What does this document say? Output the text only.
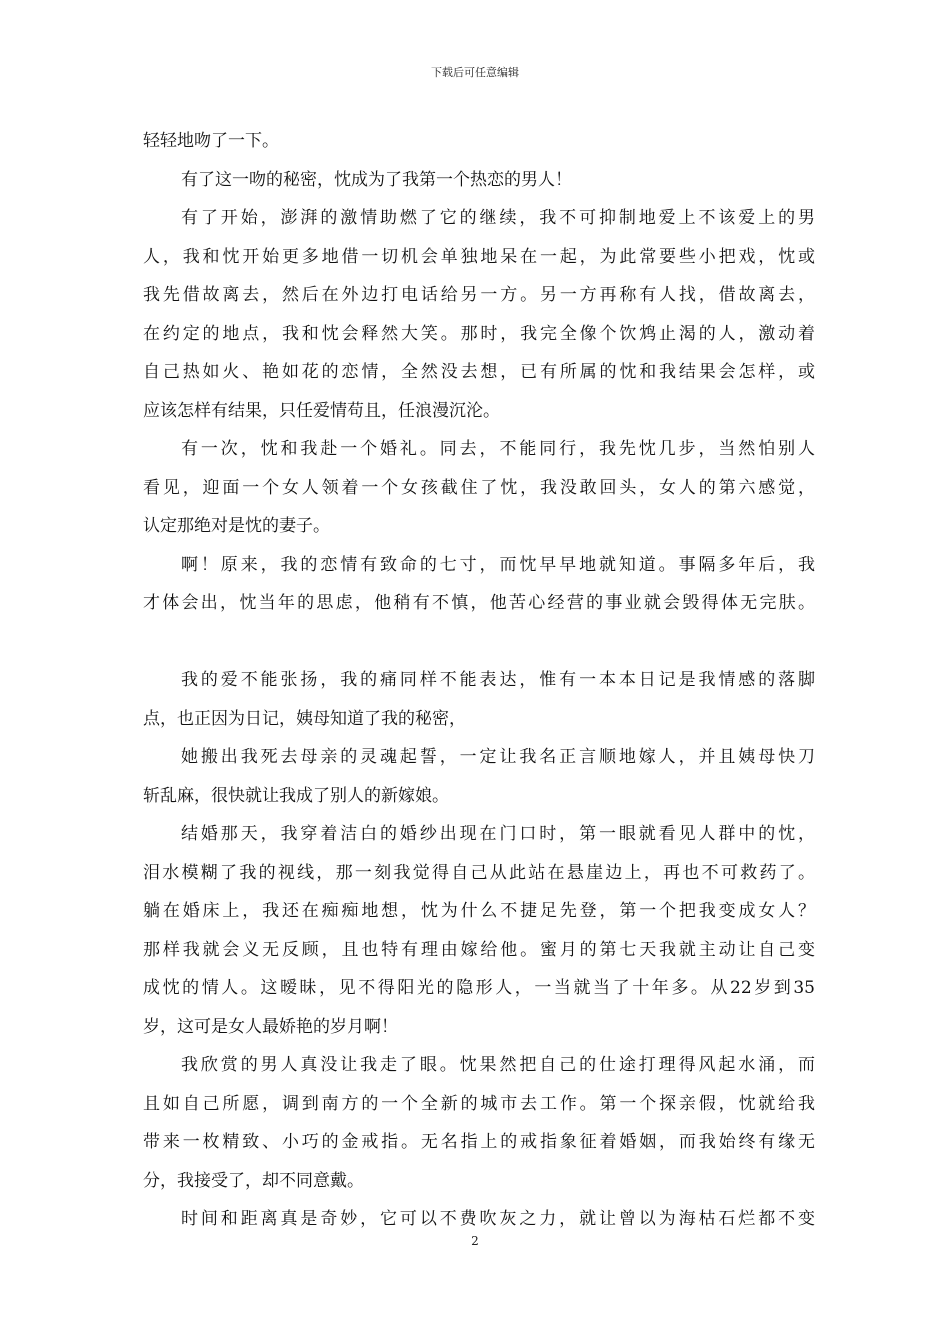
下载后可任意编辑
轻轻地吻了一下。
有了这一吻的秘密，忱成为了我第一个热恋的男人！
有了开始，澎湃的激情助燃了它的继续，我不可抑制地爱上不该爱上的男
人，我和忱开始更多地借一切机会单独地呆在一起，为此常要些小把戏，忱或
我先借故离去，然后在外边打电话给另一方。另一方再称有人找，借故离去，
在约定的地点，我和忱会释然大笑。那时，我完全像个饮鸩止渴的人，激动着
自己热如火、艳如花的恋情，全然没去想，已有所属的忱和我结果会怎样，或
应该怎样有结果，只任爱情苟且，任浪漫沉沦。
有一次，忱和我赴一个婚礼。同去，不能同行，我先忱几步，当然怕别人
看见，迎面一个女人领着一个女孩截住了忱，我没敢回头，女人的第六感觉，
认定那绝对是忱的妻子。
啊！原来，我的恋情有致命的七寸，而忱早早地就知道。事隔多年后，我
才体会出，忱当年的思虑，他稍有不慎，他苦心经营的事业就会毁得体无完肤。
我的爱不能张扬，我的痛同样不能表达，惟有一本本日记是我情感的落脚
点，也正因为日记，姨母知道了我的秘密，
她搬出我死去母亲的灵魂起誓，一定让我名正言顺地嫁人，并且姨母快刀
斩乱麻，很快就让我成了别人的新嫁娘。
结婚那天，我穿着洁白的婚纱出现在门口时，第一眼就看见人群中的忱，
泪水模糊了我的视线，那一刻我觉得自己从此站在悬崖边上，再也不可救药了。
躺在婚床上，我还在痴痴地想，忱为什么不捷足先登，第一个把我变成女人？
那样我就会义无反顾，且也特有理由嫁给他。蜜月的第七天我就主动让自己变
成忱的情人。这暧昧，见不得阳光的隐形人，一当就当了十年多。从22岁到35
岁，这可是女人最娇艳的岁月啊！
我欣赏的男人真没让我走了眼。忱果然把自己的仕途打理得风起水涌，而
且如自己所愿，调到南方的一个全新的城市去工作。第一个探亲假，忱就给我
带来一枚精致、小巧的金戒指。无名指上的戒指象征着婚姻，而我始终有缘无
分，我接受了，却不同意戴。
时间和距离真是奇妙，它可以不费吹灰之力，就让曾以为海枯石烂都不变
2
